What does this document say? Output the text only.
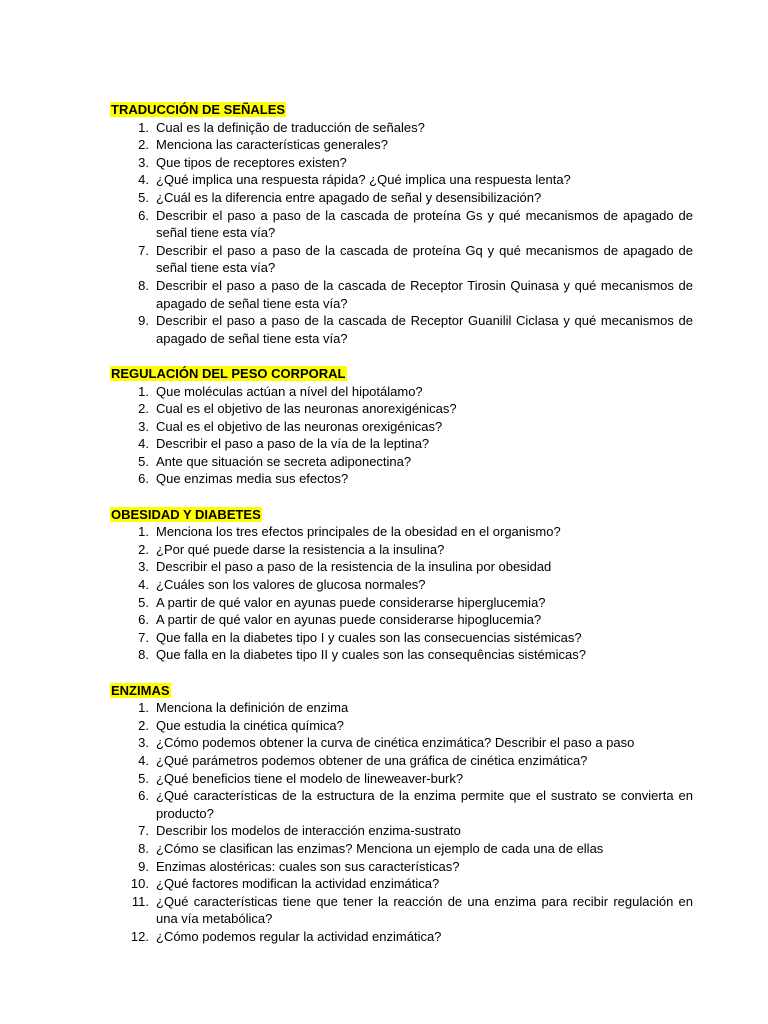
TRADUCCIÓN DE SEÑALES
1. Cual es la definição de traducción de señales?
2. Menciona las características generales?
3. Que tipos de receptores existen?
4. ¿Qué implica una respuesta rápida? ¿Qué implica una respuesta lenta?
5. ¿Cuál es la diferencia entre apagado de señal y desensibilización?
6. Describir el paso a paso de la cascada de proteína Gs y qué mecanismos de apagado de señal tiene esta vía?
7. Describir el paso a paso de la cascada de proteína Gq y qué mecanismos de apagado de señal tiene esta vía?
8. Describir el paso a paso de la cascada de Receptor Tirosin Quinasa y qué mecanismos de apagado de señal tiene esta vía?
9. Describir el paso a paso de la cascada de Receptor Guanilil Ciclasa y qué mecanismos de apagado de señal tiene esta vía?
REGULACIÓN DEL PESO CORPORAL
1. Que moléculas actúan a nível del hipotálamo?
2. Cual es el objetivo de las neuronas anorexigénicas?
3. Cual es el objetivo de las neuronas orexigénicas?
4. Describir el paso a paso de la vía de la leptina?
5. Ante que situación se secreta adiponectina?
6. Que enzimas media sus efectos?
OBESIDAD Y DIABETES
1. Menciona los tres efectos principales de la obesidad en el organismo?
2. ¿Por qué puede darse la resistencia a la insulina?
3. Describir el paso a paso de la resistencia de la insulina por obesidad
4. ¿Cuáles son los valores de glucosa normales?
5. A partir de qué valor en ayunas puede considerarse hiperglucemia?
6. A partir de qué valor en ayunas puede considerarse hipoglucemia?
7. Que falla en la diabetes tipo I y cuales son las consecuencias sistémicas?
8. Que falla en la diabetes tipo II y cuales son las consequências sistémicas?
ENZIMAS
1. Menciona la definición de enzima
2. Que estudia la cinética química?
3. ¿Cómo podemos obtener la curva de cinética enzimática? Describir el paso a paso
4. ¿Qué parámetros podemos obtener de una gráfica de cinética enzimática?
5. ¿Qué beneficios tiene el modelo de lineweaver-burk?
6. ¿Qué características de la estructura de la enzima permite que el sustrato se convierta en producto?
7. Describir los modelos de interacción enzima-sustrato
8. ¿Cómo se clasifican las enzimas? Menciona un ejemplo de cada una de ellas
9. Enzimas alostéricas: cuales son sus características?
10. ¿Qué factores modifican la actividad enzimática?
11. ¿Qué características tiene que tener la reacción de una enzima para recibir regulación en una vía metabólica?
12. ¿Cómo podemos regular la actividad enzimática?
